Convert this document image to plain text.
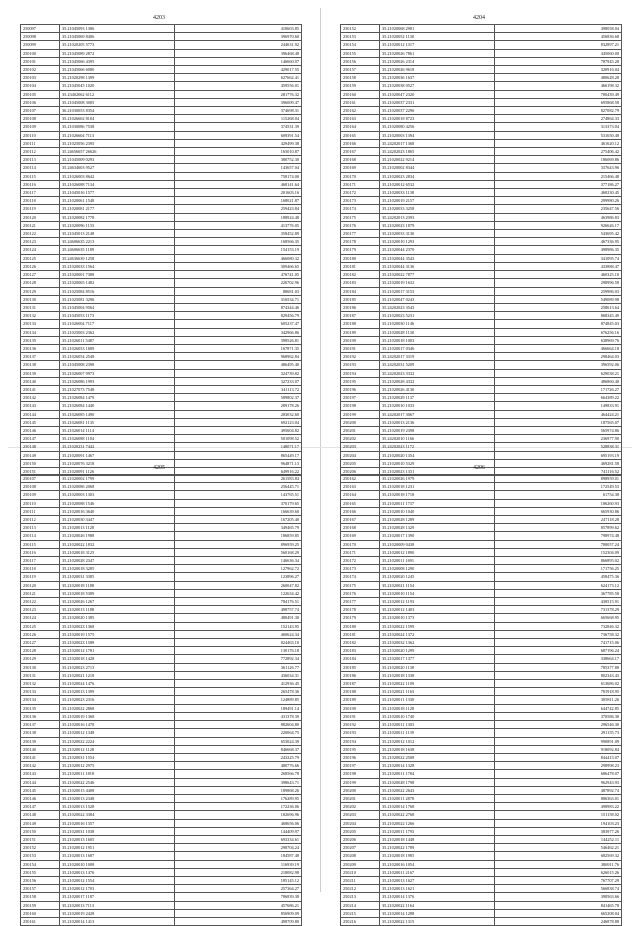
4203
250097	35.21045093 1386	418603.85
250098	35.21045069 8406	396970.60
250099	35.21020205 5773	244631.92
250100	35.21045089 2872	396468.48
250101	35.21045066 4395	146660.07
250102	35.21045066 6080	429017.55
250103	35.21020298 1399	627662.41
250104	35.21045045 1020	459556.01
250105	35.23402062 6112	281776.32
250106	35.21045008 3005	396009.47
250107	36.21030053 8354	374698.31
250108	35.21026602 8104	115268.04
250109	35.21030086 7538	374531.39
250110	35.21026604 7113	609391.54
250111	35.21025056 2395	429499.38
250112	35.24656657 26626	165010.87
250113	35.21045009 0293	380752.30
250114	35.24634603 9527	143657.04
250115	35.21026003 8642	758174.00
250116	35.21026088 7134	468141.64
250117	35.21045016 1577	201603.16
250118	35.21020061 1548	168021.87
250119	35.21020081 2177	259423.84
250120	35.21020082 1778	188924.48
250121	35.21020096 1133	413776.05
250122	35.21045013 2148	358452.89
250123	35.24606635 2213	168566.35
250124	35.24606635 1189	154153.19
250125	35.24636639 1258	466080.32
250126	35.21020033 1564	309466.65
250127	35.21020001 7388	476741.05
250128	35.21020065 1482	226702.96
250129	35.21025084 8516	88681.03
250130	35.21025081 3296	316534.71
250131	35.21045004 9564	874344.46
250132	35.21045053 1173	829456.79
250133	35.21026004 7117	605237.47
250134	35.21025003 2362	342966.86
250135	35.21026011 5487	398526.81
250136	35.21026053 1689	167871.35
250137	35.21026054 2548	968962.84
250138	35.21045008 2398	486495.40
250139	35.21026007 9973	324739.82
250140	35.21026086 1993	327233.07
250141	35.21027073 7548	341113.72
250142	35.21026084 1479	589802.37
250143	35.21026084 1440	289178.26
250144	35.21026085 1490	283032.60
250145	35.21026081 1135	692123.04
250146	35.21026014 1114	495604.82
250147	35.21026088 1104	501098.52
250148	35.21020231 7442	148071.17
250149	35.21020091 1467	865449.17
250150	35.21020076 3218	964871.13
250151	35.21020091 1126	649916.22
4204
250152	35.21020068 2981	498058.04
250153	35.21020052 1130	456836.68
250154	35.21020012 1317	832897.21
250155	35.21020026 7861	445060.00
250156	35.21020026 2314	787945.28
250157	35.21020026 9618	320916.04
250158	35.21020036 1637	480628.28
250159	35.21020038 0527	466198.32
250160	35.21020047 2320	780439.49
250161	35.21020037 2331	695868.58
250162	35.21020037 2296	827082.79
250163	35.21020018 8723	274864.33
250164	35.21020080 4256	313373.04
250165	35.21020003 1394	531650.48
250166	35.24202017 1368	461620.12
250167	35.24202023 1865	275406.42
250168	35.21020022 9214	186069.86
250169	35.21020002 8344	337643.96
250170	35.21020023 2834	215466.48
250171	35.21020012 6532	377186.27
250172	35.21020033 1138	468230.45
250173	35.21020019 2157	299980.26
250174	35.21020033 3258	235647.56
250175	35.24202013 2393	463986.83
250176	35.21020023 1879	926626.17
250177	35.21020033 3130	543695.42
250178	35.21020010 1293	467336.95
250179	35.21020044 2370	498986.35
250180	35.21020044 3543	341095.74
250181	35.21020044 3136	433888.47
250182	35.21020022 7877	460325.10
250183	35.21020019 1632	298996.58
250184	35.21020017 3153	259986.03
250185	35.21020047 0243	549089.98
250186	35.24202023 3543	258613.64
250187	35.21020023 5231	868345.49
250188	35.21020030 1146	874845.03
250189	35.21020028 1130	676256.16
250190	35.21020018 1003	638969.76
250191	35.21020017 0346	466664.18
250192	35.24202017 3319	298464.03
250193	35.24202031 5209	396592.06
250194	35.24202023 3332	629038.21
250195	35.21020028 4332	486860.40
250196	35.21020026 4130	171726.27
250197	35.21020029 1137	664389.22
250198	35.21020010 1033	149833.91
250199	35.24202017 3067	464424.21
250200	35.21020013 2136	187565.07
250201	35.21020019 2398	565974.86
250202	35.24202010 1166	236977.90
250203	35.24202023 1172	528838.31
250204	35.21020020 1354	695193.19
250205	35.21020010 5329	469281.58
250206	35.21020023 1331	741116.52
4205
250107	35.21020002 1799	261583.84
250108	35.21020086 2068	256445.71
250109	35.21020003 1303	143765.51
250110	35.21020088 1546	370179.65
250111	35.21020016 3640	166639.60
250112	35.21020030 3447	167205.40
250113	35.21020013 1128	349465.79
250114	35.21020026 1988	186859.85
250115	35.21020022 1832	896959.25
250116	35.21020018 3125	560168.29
250117	35.21020028 2347	146636.34
250118	35.21020018 3285	127962.72
250119	35.21020031 3385	123896.27
250120	35.21020018 1188	260047.82
250121	35.21020018 5389	122634.42
250122	35.21020026 1267	784176.51
250123	35.21020013 1188	498757.74
250124	35.21020020 1385	480491.30
250125	35.21020023 1368	152143.95
250126	35.21020019 1575	460624.34
250127	35.21020023 1588	824463.10
250128	35.21020012 1781	130176.18
250129	35.21020018 1428	772892.34
250130	35.21020023 2713	361126.77
250131	35.21020021 1218	436034.31
250132	35.21020024 1476	412936.45
250133	35.21020013 1399	265478.36
250134	35.21020023 2316	124889.85
250135	35.21020022 2868	189491.14
250136	35.21020019 1368	431378.39
250137	35.21020016 1478	882604.80
250138	35.21020012 1348	220064.75
250139	35.21020022 2224	653024.39
250140	35.21020012 1128	846668.37
250141	35.21020031 1554	243225.79
250142	35.21020012 2975	480776.66
250143	35.21020011 1818	268566.78
250144	35.21020022 2546	398643.71
250145	35.21020013 4408	189868.26
250146	35.21020013 2348	176289.95
250147	35.21020013 1528	172236.06
250148	35.21020022 3384	182696.96
250149	35.21020016 1357	468656.06
250150	35.21020031 1038	144409.97
250151	35.21020013 1605	693334.61
250152	35.21020012 1951	298704.24
250153	35.21020013 1687	184587.48
250154	35.21020010 1008	116939.19
250155	35.21020013 1476	218082.98
250156	35.21020012 1554	185145.12
250157	35.21020012 1703	257364.27
250158	35.21020017 1187	786839.38
250159	35.21020013 7113	457686.21
250160	35.21020019 2428	856909.09
250161	35.21020014 1413	498709.80
4206
250162	35.21020026 1979	898959.01
250163	35.21020018 1231	172549.53
250164	35.21020018 1718	61754.38
250165	35.21020011 1737	186260.93
250166	35.21020010 1040	665930.86
250167	35.21020028 1289	247118.28
250168	35.21020028 1329	857899.62
250169	35.21020017 1390	798974.48
250170	35.21020009 0438	780057.24
250171	35.21020012 1890	152304.09
250172	35.21020011 1691	866895.02
250173	35.21020008 1290	171756.25
250174	35.21020020 1245	458475.36
250175	35.21020021 1154	624173.12
250176	35.21020010 1154	367785.58
250177	35.21020012 1193	430515.91
250178	35.21020012 1403	731378.29
250179	35.21020010 1373	665668.95
250180	35.21020022 1599	732846.32
250181	35.21020024 1372	736758.32
250182	35.21020032 1362	741715.06
250183	35.21020020 1299	687196.24
250184	35.21020017 1377	338664.17
250185	35.21020020 1138	785377.88
250186	35.21020018 1338	802343.43
250187	35.21020022 1109	613686.02
250188	35.21020021 1163	781918.95
250189	35.21020011 1330	305811.26
250190	35.21020018 1128	644742.85
250191	35.21020010 1740	370586.38
250192	35.21020011 1303	296546.30
250193	35.21020011 1139	291155.73
250194	35.21020012 1012	990891.09
250195	35.21020018 1638	918092.84
250196	35.21020022 2508	844413.07
250197	35.21020014 1328	298998.23
250198	35.21020011 1784	686478.07
250199	35.21020028 1798	962943.93
250200	35.21020022 2643	487892.74
250201	35.21020011 2878	886363.01
250202	35.21020014 1768	498983.22
250203	35.21020022 2768	151158.02
250204	35.21020022 1266	194103.23
250205	35.21020011 1793	383977.26
250206	35.21020018 1448	144252.11
250207	35.21020022 1789	546462.21
250208	35.21020018 1985	682569.32
250209	35.21020016 1054	386911.76
250210	35.21020011 2167	626015.26
250211	35.21020013 1627	767707.29
250212	35.21020013 1621	566838.74
250213	35.21020014 1376	398563.66
250214	35.21020022 1164	841465.78
250215	35.21020014 1288	665208.04
250216	35.21020022 1315	246878.88
